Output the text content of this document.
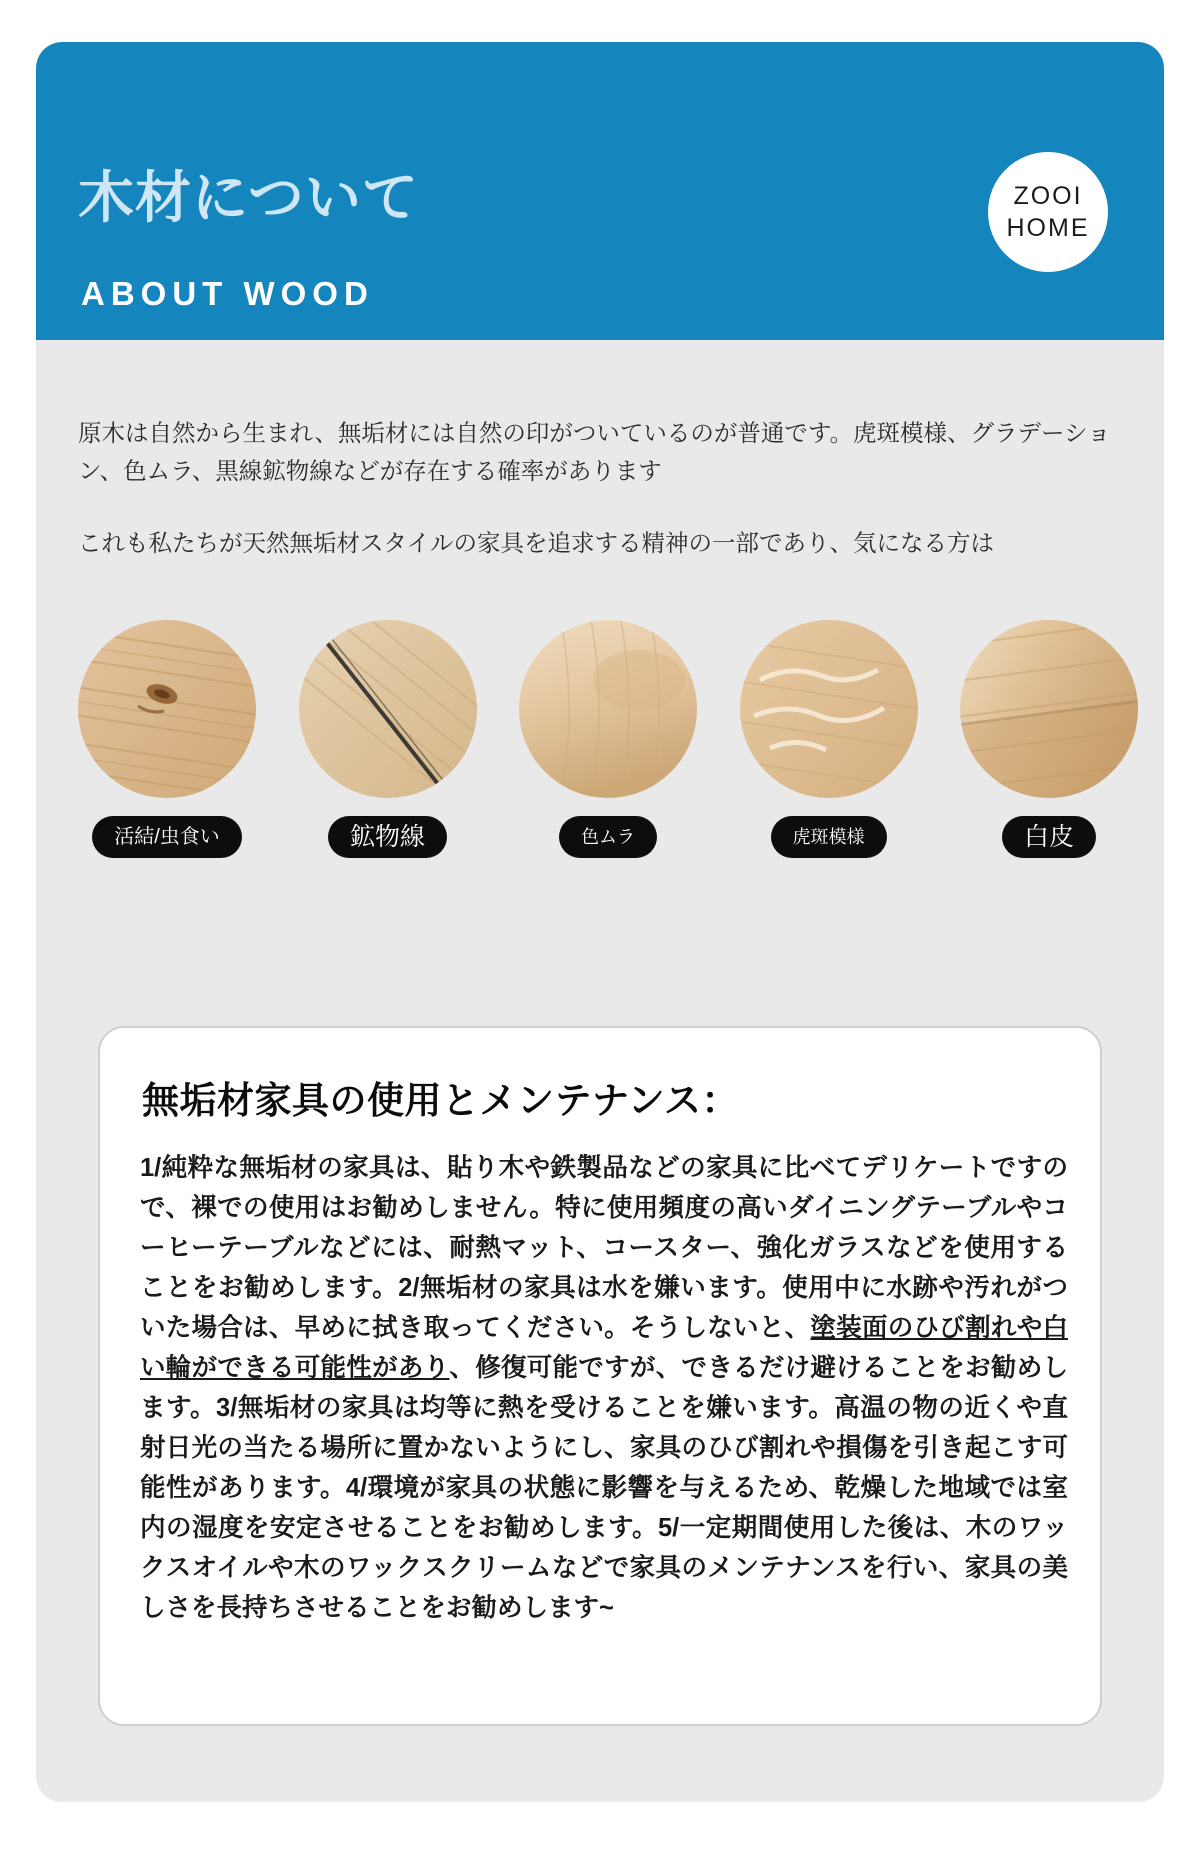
木材について
ABOUT WOOD
ZOOI
HOME

原木は自然から生まれ、無垢材には自然の印がついているのが普通です。虎斑模様、グラデーション、色ムラ、黒線鉱物線などが存在する確率があります

これも私たちが天然無垢材スタイルの家具を追求する精神の一部であり、気になる方は

活結/虫食い	鉱物線	色ムラ	虎斑模様	白皮
無垢材家具の使用とメンテナンス：
1/純粋な無垢材の家具は、貼り木や鉄製品などの家具に比べてデリケートですので、裸での使用はお勧めしません。特に使用頻度の高いダイニングテーブルやコーヒーテーブルなどには、耐熱マット、コースター、強化ガラスなどを使用することをお勧めします。2/無垢材の家具は水を嫌います。使用中に水跡や汚れがついた場合は、早めに拭き取ってください。そうしないと、塗装面のひび割れや白い輪ができる可能性があり、修復可能ですが、できるだけ避けることをお勧めします。3/無垢材の家具は均等に熱を受けることを嫌います。高温の物の近くや直射日光の当たる場所に置かないようにし、家具のひび割れや損傷を引き起こす可能性があります。4/環境が家具の状態に影響を与えるため、乾燥した地域では室内の湿度を安定させることをお勧めします。5/一定期間使用した後は、木のワックスオイルや木のワックスクリームなどで家具のメンテナンスを行い、家具の美しさを長持ちさせることをお勧めします~
